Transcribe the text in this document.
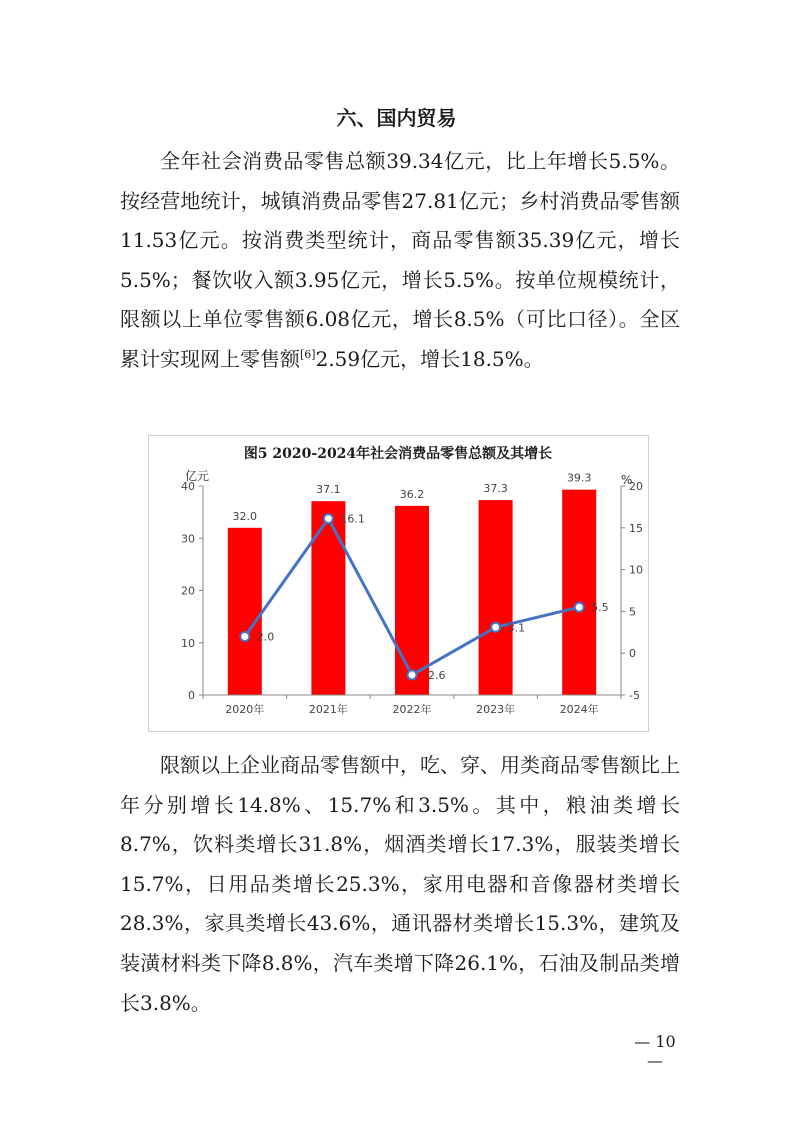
六、国内贸易

全年社会消费品零售总额39.34亿元，比上年增长5.5%。按经营地统计，城镇消费品零售27.81亿元；乡村消费品零售额11.53亿元。按消费类型统计，商品零售额35.39亿元，增长5.5%；餐饮收入额3.95亿元，增长5.5%。按单位规模统计，限额以上单位零售额6.08亿元，增长8.5%（可比口径）。全区累计实现网上零售额[6]2.59亿元，增长18.5%。

图5 2020-2024年社会消费品零售总额及其增长
亿元	%
0
10
20
30
40
-5
0
5
10
15
20
32.0
37.1	36.2	37.3
39.3
2.0
16.1
-2.6
3.1
5.5
2020年	2021年	2022年	2023年	2024年

限额以上企业商品零售额中，吃、穿、用类商品零售额比上年分别增长14.8%、15.7%和3.5%。其中，粮油类增长8.7%，饮料类增长31.8%，烟酒类增长17.3%，服装类增长15.7%，日用品类增长25.3%，家用电器和音像器材类增长28.3%，家具类增长43.6%，通讯器材类增长15.3%，建筑及装潢材料类下降8.8%，汽车类增下降26.1%，石油及制品类增长3.8%。

— 10 —
